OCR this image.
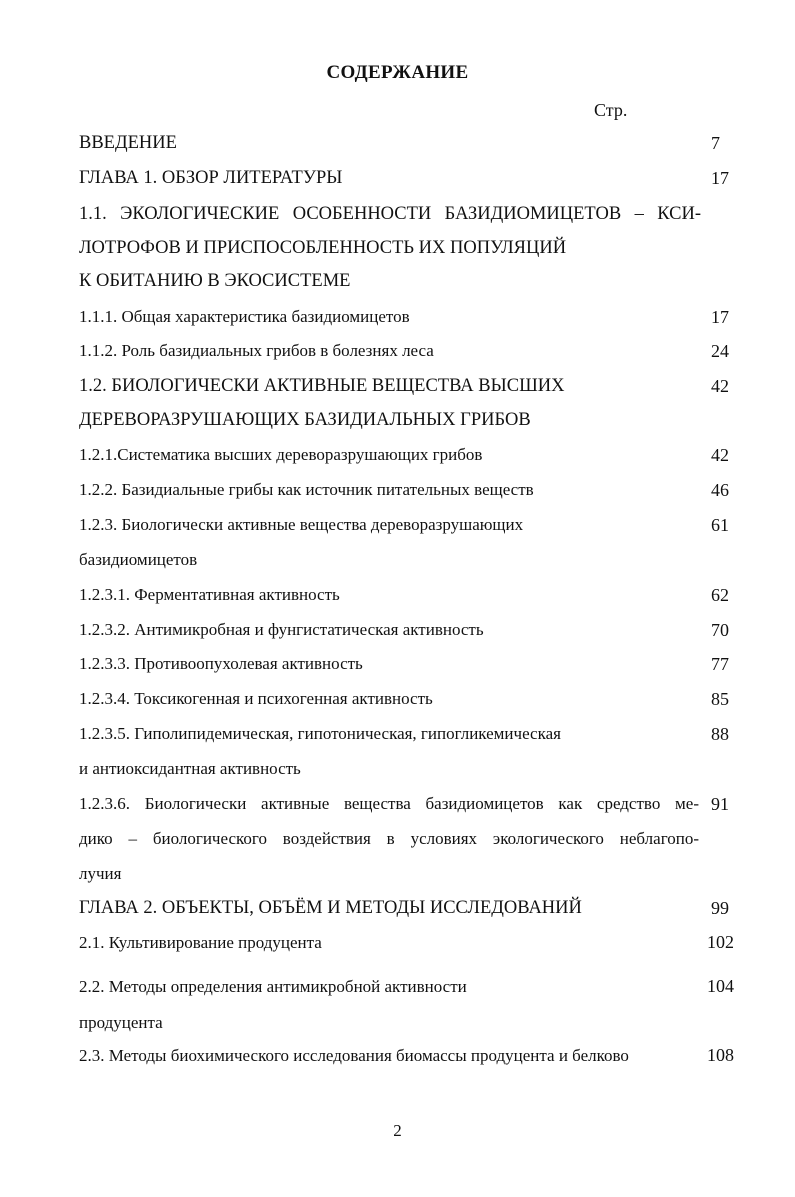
СОДЕРЖАНИЕ
Стр.
ВВЕДЕНИЕ	7
ГЛАВА 1. ОБЗОР ЛИТЕРАТУРЫ	17
1.1. ЭКОЛОГИЧЕСКИЕ ОСОБЕННОСТИ БАЗИДИОМИЦЕТОВ – КСИ-
ЛОТРОФОВ И ПРИСПОСОБЛЕННОСТЬ ИХ ПОПУЛЯЦИЙ
К ОБИТАНИЮ В ЭКОСИСТЕМЕ
1.1.1. Общая характеристика базидиомицетов	17
1.1.2. Роль базидиальных грибов в болезнях леса	24
1.2. БИОЛОГИЧЕСКИ АКТИВНЫЕ ВЕЩЕСТВА ВЫСШИХ	42
ДЕРЕВОРАЗРУШАЮЩИХ БАЗИДИАЛЬНЫХ ГРИБОВ
1.2.1.Систематика высших дереворазрушающих грибов	42
1.2.2. Базидиальные грибы как источник питательных веществ	46
1.2.3. Биологически активные вещества дереворазрушающих	61
базидиомицетов
1.2.3.1. Ферментативная активность	62
1.2.3.2. Антимикробная и фунгистатическая активность	70
1.2.3.3. Противоопухолевая активность	77
1.2.3.4. Токсикогенная и психогенная активность	85
1.2.3.5. Гиполипидемическая, гипотоническая, гипогликемическая	88
и антиоксидантная активность
1.2.3.6. Биологически активные вещества базидиомицетов как средство ме- 91
дико – биологического воздействия в условиях экологического неблагопо-
лучия
ГЛАВА 2. ОБЪЕКТЫ, ОБЪЁМ И МЕТОДЫ ИССЛЕДОВАНИЙ	99
2.1. Культивирование продуцента	102
2.2. Методы определения антимикробной активности	104
продуцента
2.3. Методы биохимического исследования биомассы продуцента и белково	108
2
